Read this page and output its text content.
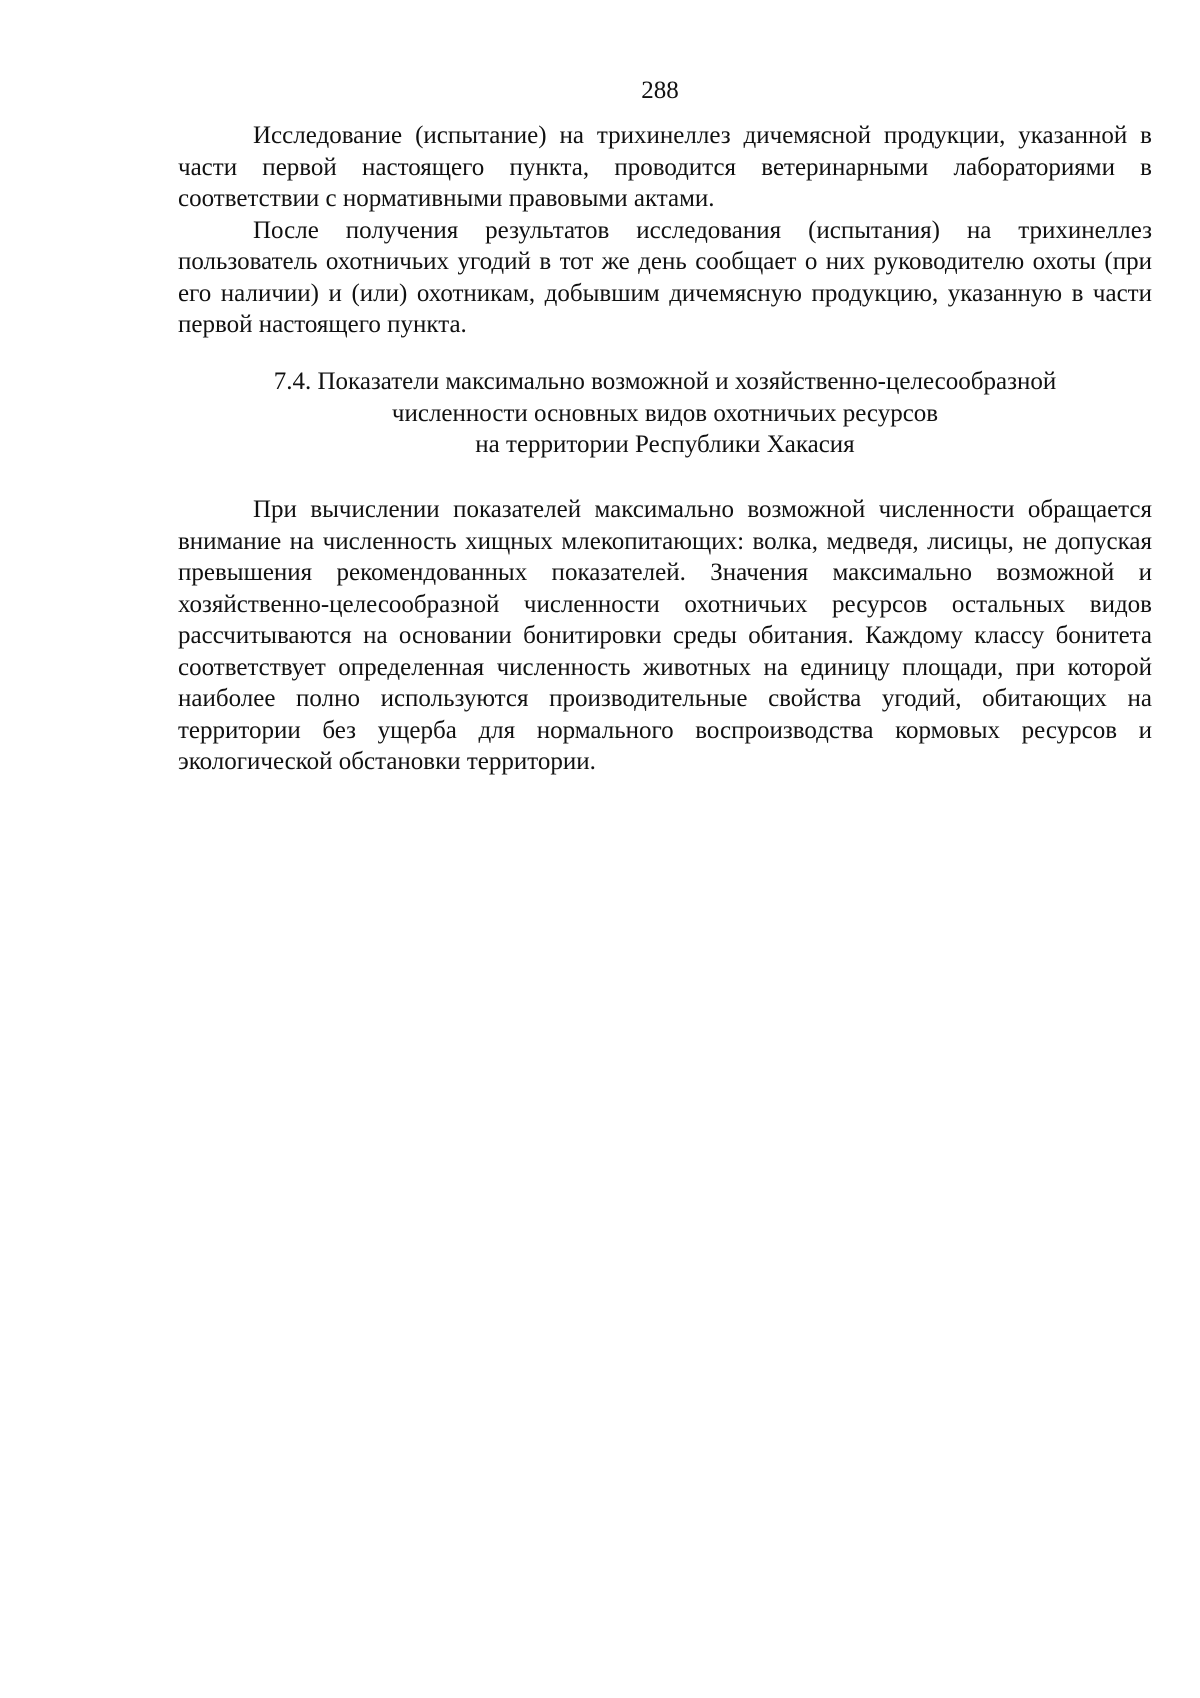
288

Исследование (испытание) на трихинеллез дичемясной продукции, указанной в части первой настоящего пункта, проводится ветеринарными лабораториями в соответствии с нормативными правовыми актами.

После получения результатов исследования (испытания) на трихинеллез пользователь охотничьих угодий в тот же день сообщает о них руководителю охоты (при его наличии) и (или) охотникам, добывшим дичемясную продукцию, указанную в части первой настоящего пункта.

7.4. Показатели максимально возможной и хозяйственно-целесообразной
численности основных видов охотничьих ресурсов
на территории Республики Хакасия

При вычислении показателей максимально возможной численности обращается внимание на численность хищных млекопитающих: волка, медведя, лисицы, не допуская превышения рекомендованных показателей. Значения максимально возможной и хозяйственно-целесообразной численности охотничьих ресурсов остальных видов рассчитываются на основании бонитировки среды обитания. Каждому классу бонитета соответствует определенная численность животных на единицу площади, при которой наиболее полно используются производительные свойства угодий, обитающих на территории без ущерба для нормального воспроизводства кормовых ресурсов и экологической обстановки территории.
